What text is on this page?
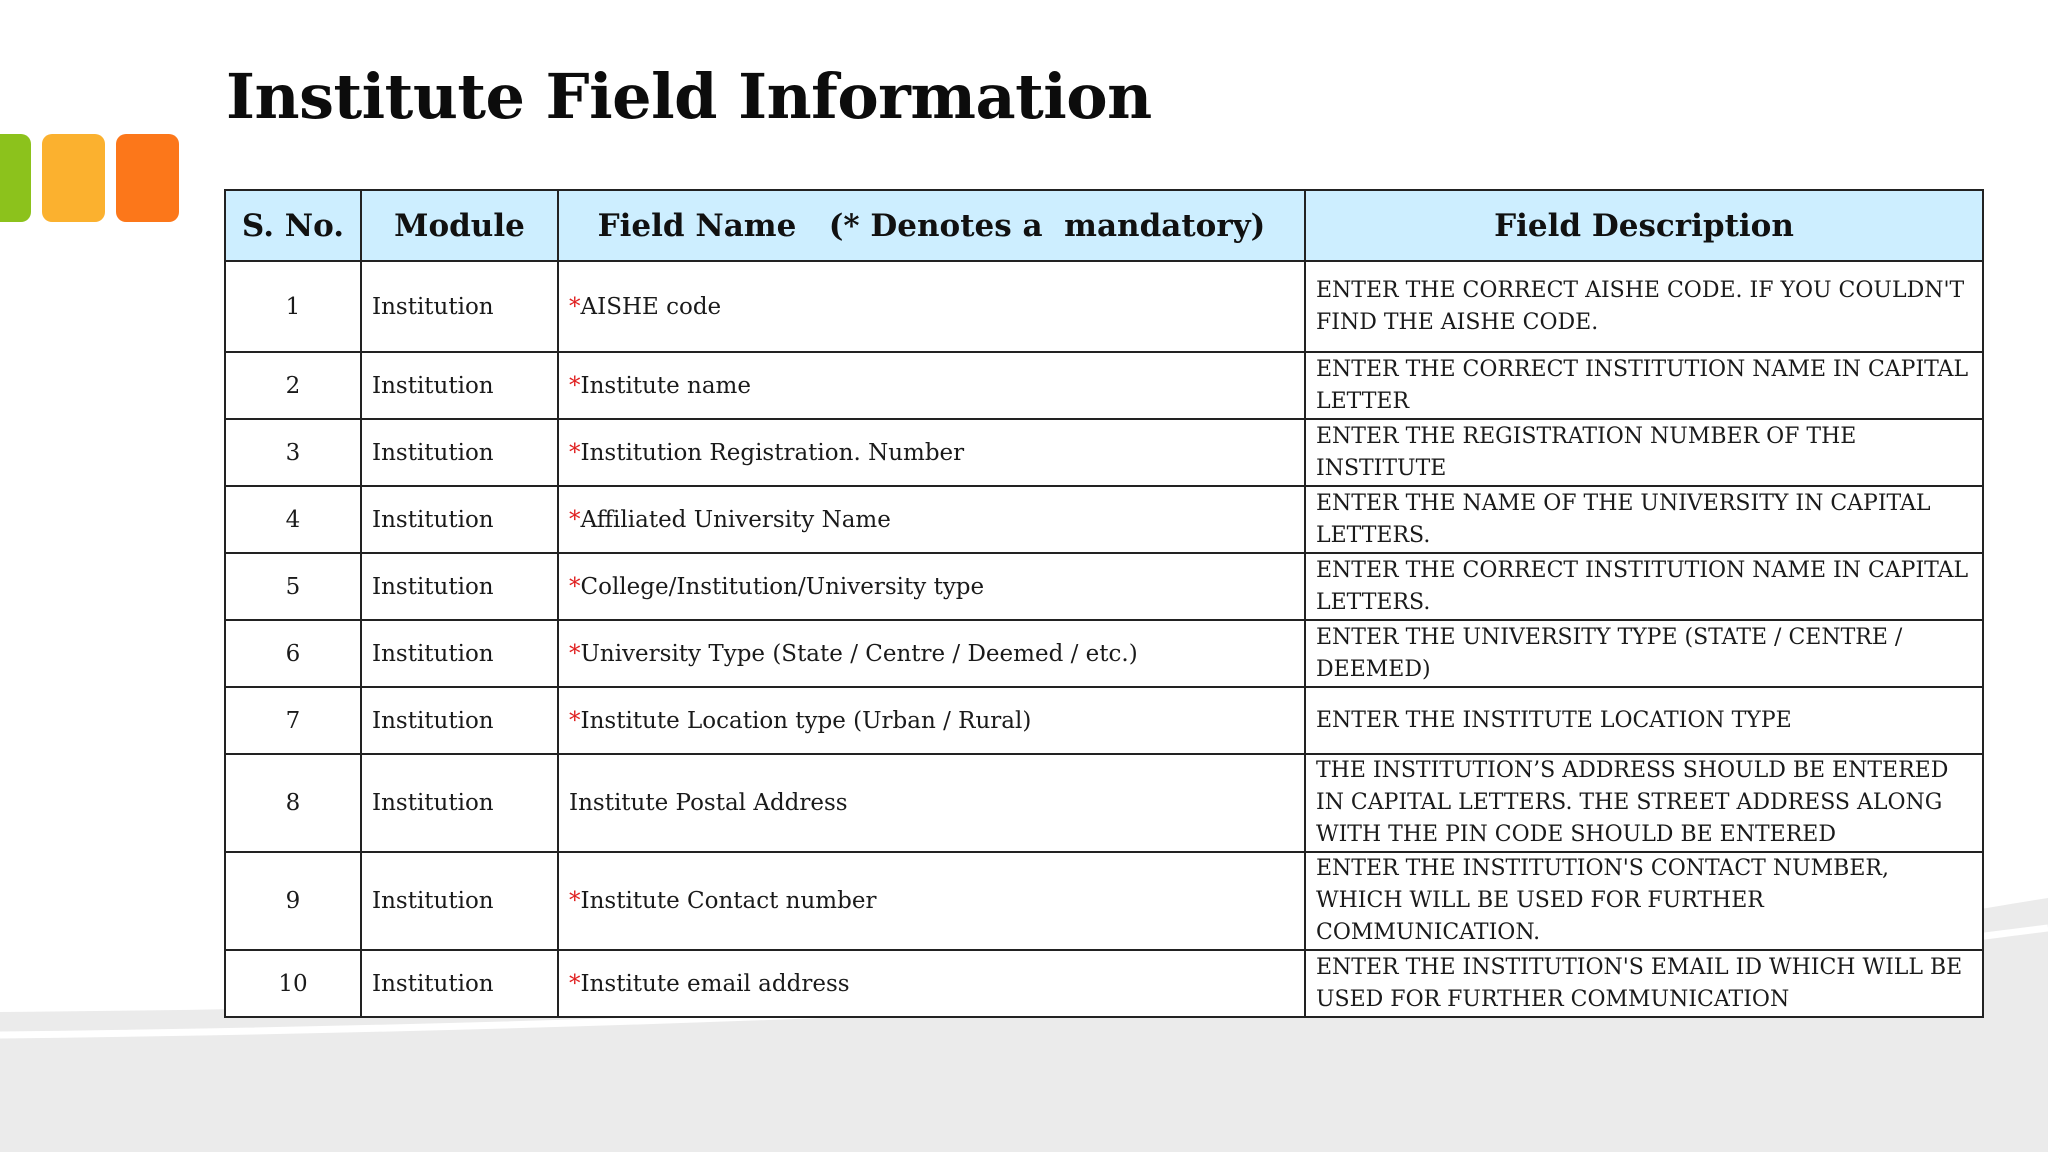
Institute Field Information
S. No.	Module	Field Name   (* Denotes a  mandatory)	Field Description
1	Institution	*AISHE code	ENTER THE CORRECT AISHE CODE. IF YOU COULDN'T FIND THE AISHE CODE.
2	Institution	*Institute name	ENTER THE CORRECT INSTITUTION NAME IN CAPITAL LETTER
3	Institution	*Institution Registration. Number	ENTER THE REGISTRATION NUMBER OF THE INSTITUTE
4	Institution	*Affiliated University Name	ENTER THE NAME OF THE UNIVERSITY IN CAPITAL LETTERS.
5	Institution	*College/Institution/University type	ENTER THE CORRECT INSTITUTION NAME IN CAPITAL LETTERS.
6	Institution	*University Type (State / Centre / Deemed / etc.)	ENTER THE UNIVERSITY TYPE (STATE / CENTRE / DEEMED)
7	Institution	*Institute Location type (Urban / Rural)	ENTER THE INSTITUTE LOCATION TYPE
8	Institution	Institute Postal Address	THE INSTITUTION’S ADDRESS SHOULD BE ENTERED IN CAPITAL LETTERS. THE STREET ADDRESS ALONG WITH THE PIN CODE SHOULD BE ENTERED
9	Institution	*Institute Contact number	ENTER THE INSTITUTION'S CONTACT NUMBER, WHICH WILL BE USED FOR FURTHER COMMUNICATION.
10	Institution	*Institute email address	ENTER THE INSTITUTION'S EMAIL ID WHICH WILL BE USED FOR FURTHER COMMUNICATION
